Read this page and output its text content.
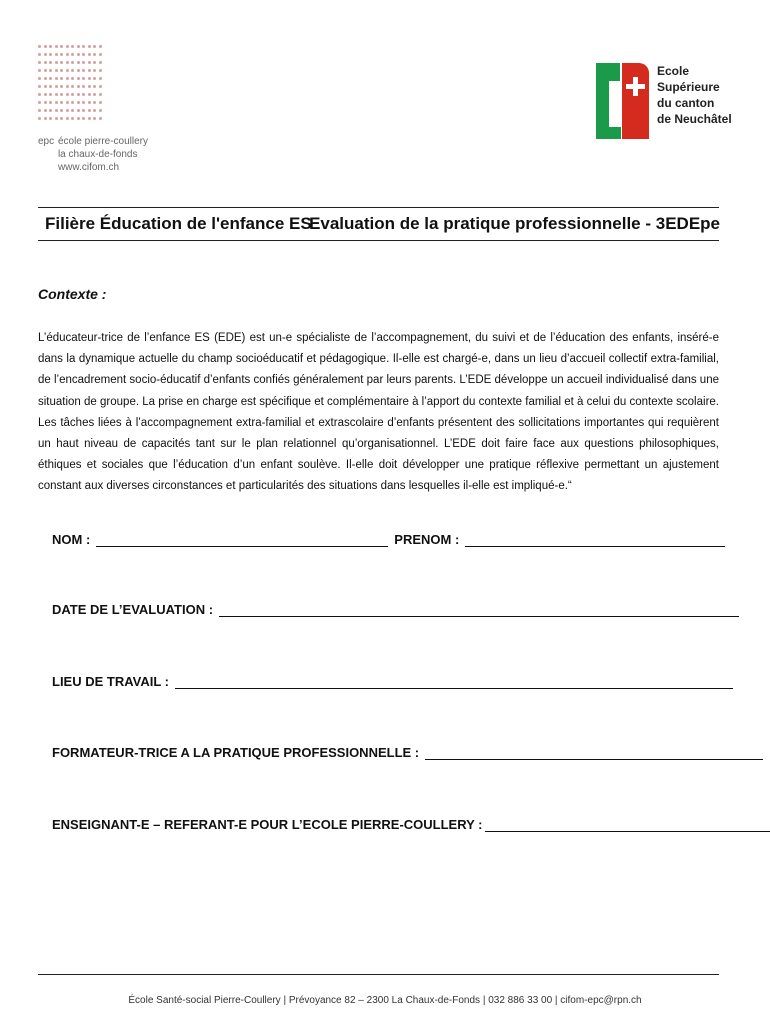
epc école pierre-coullery
la chaux-de-fonds
www.cifom.ch
Ecole
Supérieure
du canton
de Neuchâtel
Filière Éducation de l'enfance ES
Evaluation de la pratique professionnelle - 3EDEpe
Contexte :

L’éducateur-trice de l’enfance ES (EDE) est un-e spécialiste de l’accompagnement, du suivi et de l’éducation des enfants, inséré-e dans la dynamique actuelle du champ socioéducatif et pédagogique. Il-elle est chargé-e, dans un lieu d’accueil collectif extra-familial, de l’encadrement socio-éducatif d’enfants confiés généralement par leurs parents. L’EDE développe un accueil individualisé dans une situation de groupe. La prise en charge est spécifique et complémentaire à l’apport du contexte familial et à celui du contexte scolaire. Les tâches liées à l’accompagnement extra-familial et extrascolaire d’enfants présentent des sollicitations importantes qui requièrent un haut niveau de capacités tant sur le plan relationnel qu’organisationnel. L’EDE doit faire face aux questions philosophiques, éthiques et sociales que l’éducation d’un enfant soulève. Il-elle doit développer une pratique réflexive permettant un ajustement constant aux diverses circonstances et particularités des situations dans lesquelles il-elle est impliqué-e.“

NOM :	PRENOM :
DATE DE L’EVALUATION :
LIEU DE TRAVAIL :
FORMATEUR-TRICE A LA PRATIQUE PROFESSIONNELLE :
ENSEIGNANT-E – REFERANT-E POUR L’ECOLE PIERRE-COULLERY :
École Santé-social Pierre-Coullery | Prévoyance 82 – 2300 La Chaux-de-Fonds | 032 886 33 00 | cifom-epc@rpn.ch
